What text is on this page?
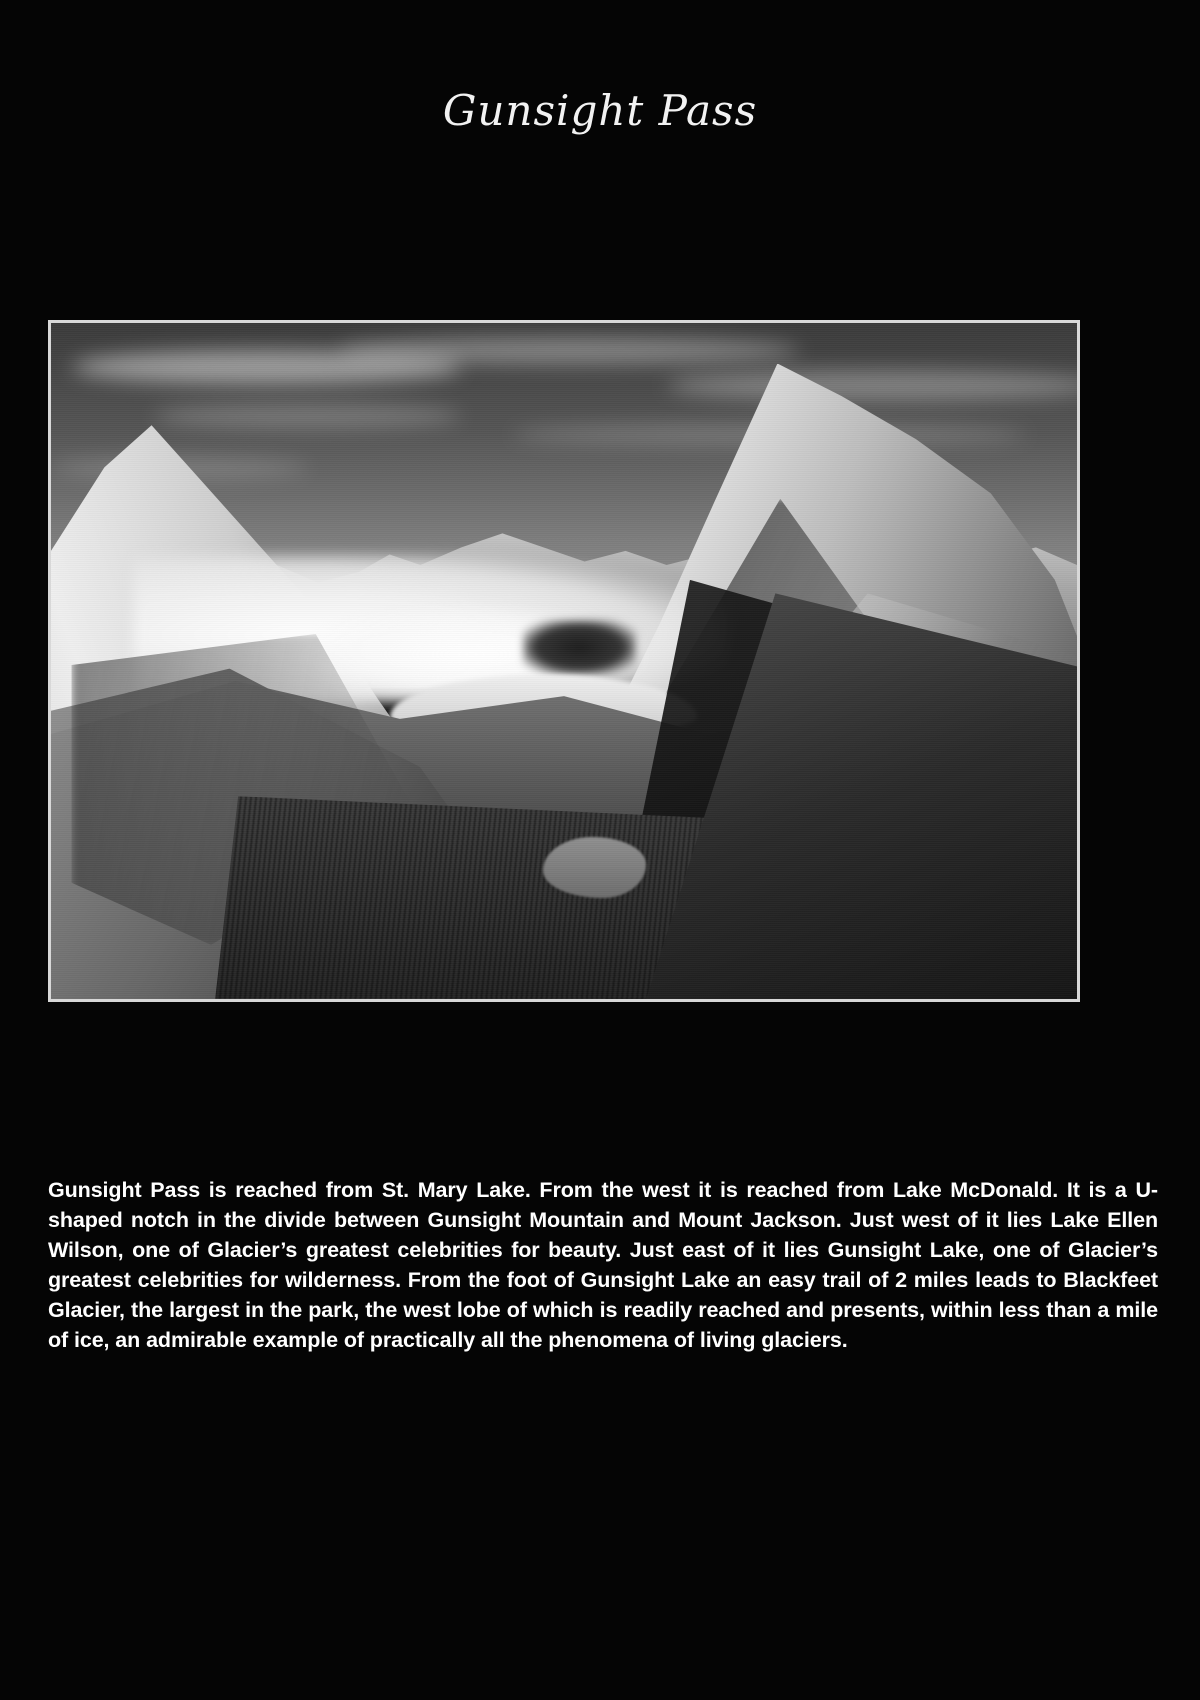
Gunsight Pass
Gunsight Pass is reached from St. Mary Lake. From the west it is reached from Lake McDonald. It is a U-shaped notch in the divide between Gunsight Mountain and Mount Jackson. Just west of it lies Lake Ellen Wilson, one of Glacier’s greatest celebrities for beauty. Just east of it lies Gunsight Lake, one of Glacier’s greatest celebrities for wilderness. From the foot of Gunsight Lake an easy trail of 2 miles leads to Blackfeet Glacier, the largest in the park, the west lobe of which is readily reached and presents, within less than a mile of ice, an admirable example of practically all the phenomena of living glaciers.
